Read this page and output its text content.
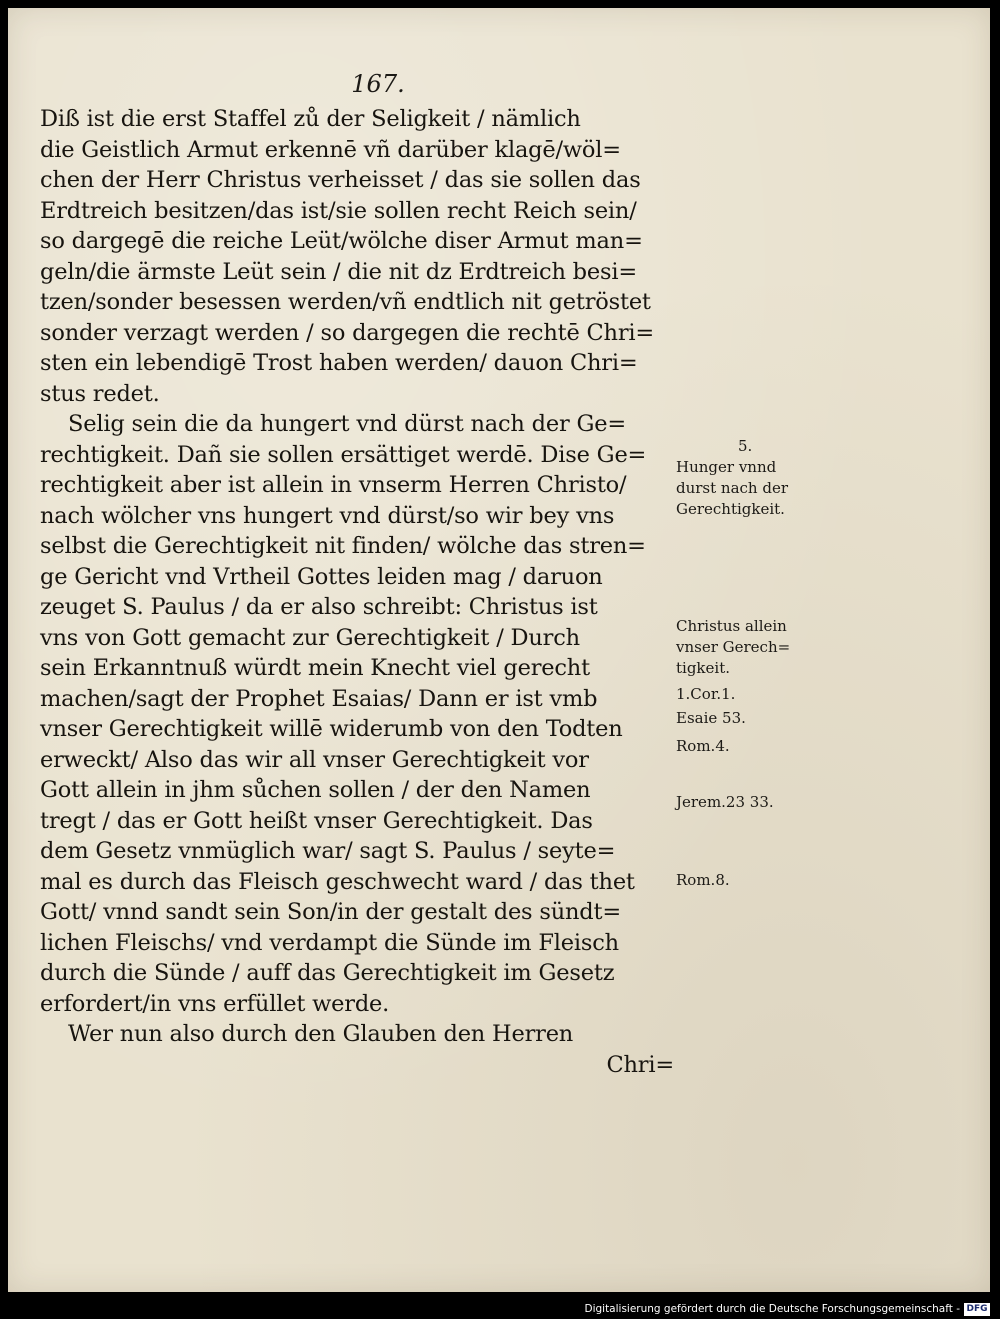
167.
Diß ist die erst Staffel zů der Seligkeit / nämlich
die Geistlich Armut erkennē vñ darüber klagē/wöl=
chen der Herr Christus verheisset / das sie sollen das
Erdtreich besitzen/das ist/sie sollen recht Reich sein/
so dargegē die reiche Leüt/wölche diser Armut man=
geln/die ärmste Leüt sein / die nit dz Erdtreich besi=
tzen/sonder besessen werden/vñ endtlich nit getröstet
sonder verzagt werden / so dargegen die rechtē Chri=
sten ein lebendigē Trost haben werden/ dauon Chri=
stus redet.
Selig sein die da hungert vnd dürst nach der Ge=
rechtigkeit. Dañ sie sollen ersättiget werdē. Dise Ge=
rechtigkeit aber ist allein in vnserm Herren Christo/
nach wölcher vns hungert vnd dürst/so wir bey vns
selbst die Gerechtigkeit nit finden/ wölche das stren=
ge Gericht vnd Vrtheil Gottes leiden mag / daruon
zeuget S. Paulus / da er also schreibt: Christus ist
vns von Gott gemacht zur Gerechtigkeit / Durch
sein Erkanntnuß würdt mein Knecht viel gerecht
machen/sagt der Prophet Esaias/ Dann er ist vmb
vnser Gerechtigkeit willē widerumb von den Todten
erweckt/ Also das wir all vnser Gerechtigkeit vor
Gott allein in jhm sůchen sollen / der den Namen
tregt / das er Gott heißt vnser Gerechtigkeit. Das
dem Gesetz vnmüglich war/ sagt S. Paulus / seyte=
mal es durch das Fleisch geschwecht ward / das thet
Gott/ vnnd sandt sein Son/in der gestalt des sündt=
lichen Fleischs/ vnd verdampt die Sünde im Fleisch
durch die Sünde / auff das Gerechtigkeit im Gesetz
erfordert/in vns erfüllet werde.
Wer nun also durch den Glauben den Herren
Chri=
5.
Hunger vnnd
durst nach der
Gerechtigkeit.
Christus allein
vnser Gerech=
tigkeit.
1.Cor.1.
Esaie 53.
Rom.4.
Jerem.23 33.
Rom.8.
Digitalisierung gefördert durch die Deutsche Forschungsgemeinschaft - DFG
